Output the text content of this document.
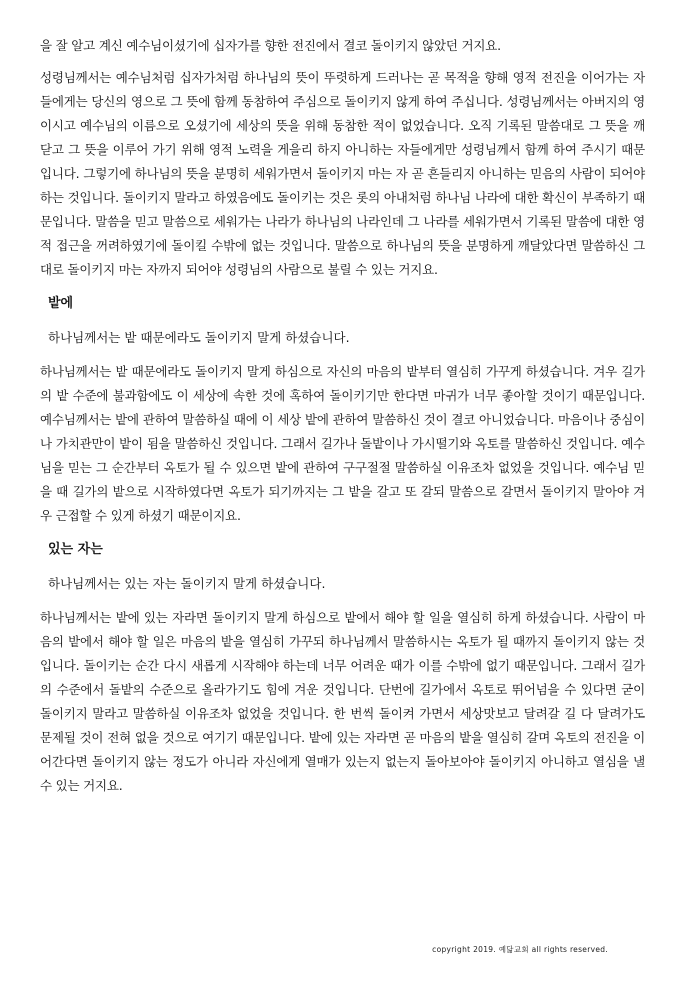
을 잘 알고 계신 예수님이셨기에 십자가를 향한 전진에서 결코 돌이키지 않았던 거지요.

성령님께서는 예수님처럼 십자가처럼 하나님의 뜻이 뚜렷하게 드러나는 곧 목적을 향해 영적 전진을 이어가는 자들에게는 당신의 영으로 그 뜻에 함께 동참하여 주심으로 돌이키지 않게 하여 주십니다. 성령님께서는 아버지의 영이시고 예수님의 이름으로 오셨기에 세상의 뜻을 위해 동참한 적이 없었습니다. 오직 기록된 말씀대로 그 뜻을 깨닫고 그 뜻을 이루어 가기 위해 영적 노력을 게을리 하지 아니하는 자들에게만 성령님께서 함께 하여 주시기 때문입니다. 그렇기에 하나님의 뜻을 분명히 세워가면서 돌이키지 마는 자 곧 흔들리지 아니하는 믿음의 사람이 되어야 하는 것입니다. 돌이키지 말라고 하였음에도 돌이키는 것은 롯의 아내처럼 하나님 나라에 대한 확신이 부족하기 때문입니다. 말씀을 믿고 말씀으로 세워가는 나라가 하나님의 나라인데 그 나라를 세워가면서 기록된 말씀에 대한 영적 접근을 꺼려하였기에 돌이킬 수밖에 없는 것입니다. 말씀으로 하나님의 뜻을 분명하게 깨달았다면 말씀하신 그대로 돌이키지 마는 자까지 되어야 성령님의 사람으로 불릴 수 있는 거지요.

밭에
하나님께서는 밭 때문에라도 돌이키지 말게 하셨습니다.

하나님께서는 밭 때문에라도 돌이키지 말게 하심으로 자신의 마음의 밭부터 열심히 가꾸게 하셨습니다. 겨우 길가의 밭 수준에 불과함에도 이 세상에 속한 것에 혹하여 돌이키기만 한다면 마귀가 너무 좋아할 것이기 때문입니다. 예수님께서는 밭에 관하여 말씀하실 때에 이 세상 밭에 관하여 말씀하신 것이 결코 아니었습니다. 마음이나 중심이나 가치관만이 밭이 됨을 말씀하신 것입니다. 그래서 길가나 돌밭이나 가시떨기와 옥토를 말씀하신 것입니다. 예수님을 믿는 그 순간부터 옥토가 될 수 있으면 밭에 관하여 구구절절 말씀하실 이유조차 없었을 것입니다. 예수님 믿을 때 길가의 밭으로 시작하였다면 옥토가 되기까지는 그 밭을 갈고 또 갈되 말씀으로 갈면서 돌이키지 말아야 겨우 근접할 수 있게 하셨기 때문이지요.

있는 자는
하나님께서는 있는 자는 돌이키지 말게 하셨습니다.

하나님께서는 밭에 있는 자라면 돌이키지 말게 하심으로 밭에서 해야 할 일을 열심히 하게 하셨습니다. 사람이 마음의 밭에서 해야 할 일은 마음의 밭을 열심히 가꾸되 하나님께서 말씀하시는 옥토가 될 때까지 돌이키지 않는 것입니다. 돌이키는 순간 다시 새롭게 시작해야 하는데 너무 어려운 때가 이를 수밖에 없기 때문입니다. 그래서 길가의 수준에서 돌밭의 수준으로 올라가기도 힘에 겨운 것입니다. 단번에 길가에서 옥토로 뛰어넘을 수 있다면 굳이 돌이키지 말라고 말씀하실 이유조차 없었을 것입니다. 한 번씩 돌이켜 가면서 세상맛보고 달려갈 길 다 달려가도 문제될 것이 전혀 없을 것으로 여기기 때문입니다. 밭에 있는 자라면 곧 마음의 밭을 열심히 갈며 옥토의 전진을 이어간다면 돌이키지 않는 정도가 아니라 자신에게 열매가 있는지 없는지 돌아보아야 돌이키지 아니하고 열심을 낼 수 있는 거지요.

copyright 2019. 예닮교회 all rights reserved.
